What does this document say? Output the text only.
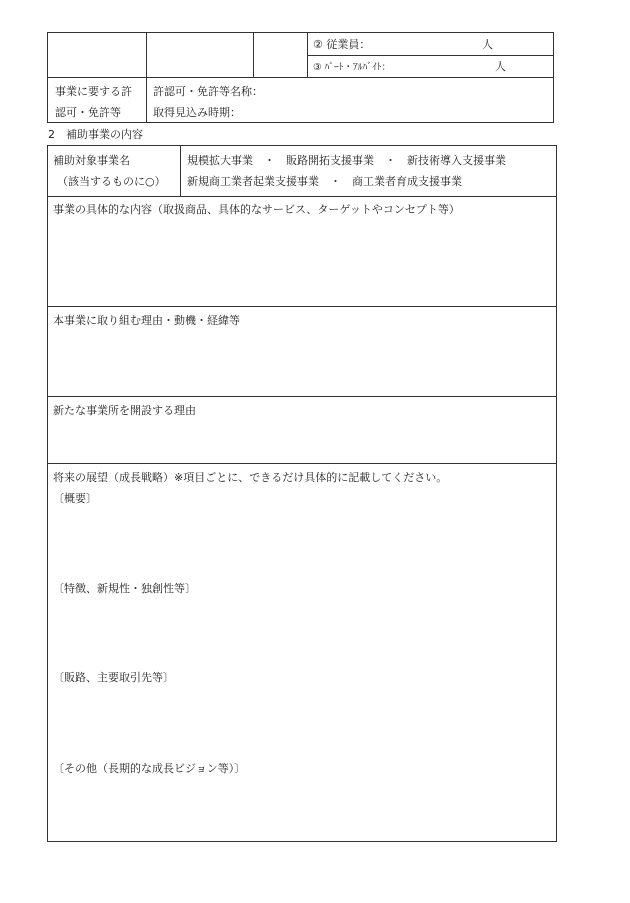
② 従業員：	人
③ ﾊﾟｰﾄ・ｱﾙﾊﾞｲﾄ：	人
事業に要する許
認可・免許等
許認可・免許等名称：
取得見込み時期：
2　補助事業の内容
補助対象事業名
（該当するものに○）
規模拡大事業　・　販路開拓支援事業　・　新技術導入支援事業
新規商工業者起業支援事業　・　商工業者育成支援事業
事業の具体的な内容（取扱商品、具体的なサービス、ターゲットやコンセプト等）
本事業に取り組む理由・動機・経緯等
新たな事業所を開設する理由
将来の展望（成長戦略）※項目ごとに、できるだけ具体的に記載してください。
〔概要〕
〔特徴、新規性・独創性等〕
〔販路、主要取引先等〕
〔その他（長期的な成長ビジョン等）〕
